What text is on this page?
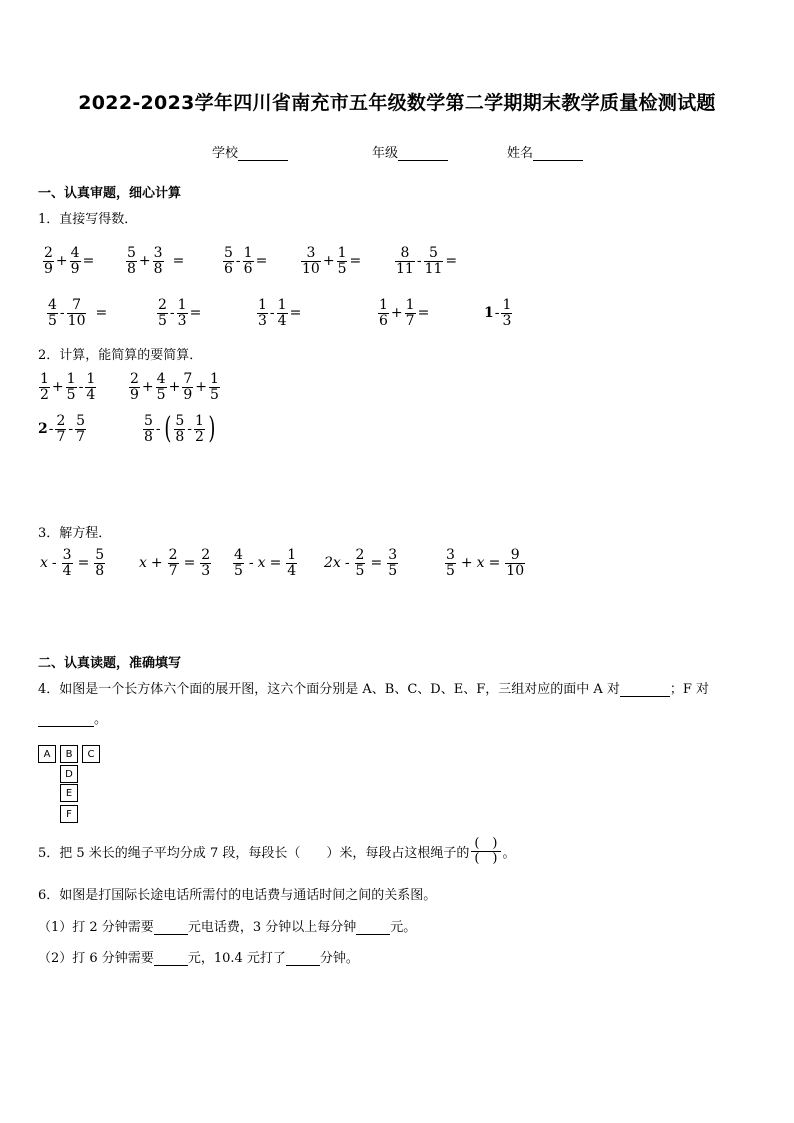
2022-2023学年四川省南充市五年级数学第二学期期末教学质量检测试题
学校	年级	姓名
一、认真审题，细心计算
1．直接写得数．
2
$9 + \frac{4}{9}$ =
5
$8 + \frac{3}{8}$ =
5
$6 - \frac{1}{6}$ =
3
$10 + \frac{1}{5}$ =
8
$11 - \frac{5}{11}$ =
4
$5 - \frac{7}{10}$ =
2
$5 - \frac{1}{3}$ =
1
$3 - \frac{1}{4}$ =
1
$6 + \frac{1}{7}$ =	1 -
1
3
2．计算，能简算的要简算．
1
$2 + \frac{1}{5}$ -
1
4
2
$9 + \frac{4}{5} + \frac{7}{9} + \frac{1}{5}$
2 -
2
7 -
5
7
5
8 - ( 5
8 -
1
2 )
3．解方程．
$x - \frac{3}{4} = \frac{5}{8}$ $x + \frac{2}{7} = \frac{2}{3} 4$
$5 - x = \frac{1}{4} 2x - \frac{2}{5} = \frac{3}{5}$	3
$5 + x = \frac{9}{10}$
二、认真读题，准确填写
4．如图是一个长方体六个面的展开图，这六个面分别是 A、B、C、D、E、F，三组对应的面中 A 对	；F 对
。
A	B	C
D
E
F
5．把 5 米长的绳子平均分成 7 段，每段长（　　）米，每段占这根绳子的
(　)
(　) 。
6．如图是打国际长途电话所需付的电话费与通话时间之间的关系图。
（1）打 2 分钟需要	元电话费，3 分钟以上每分钟	元。
（2）打 6 分钟需要	元，10.4 元打了	分钟。
